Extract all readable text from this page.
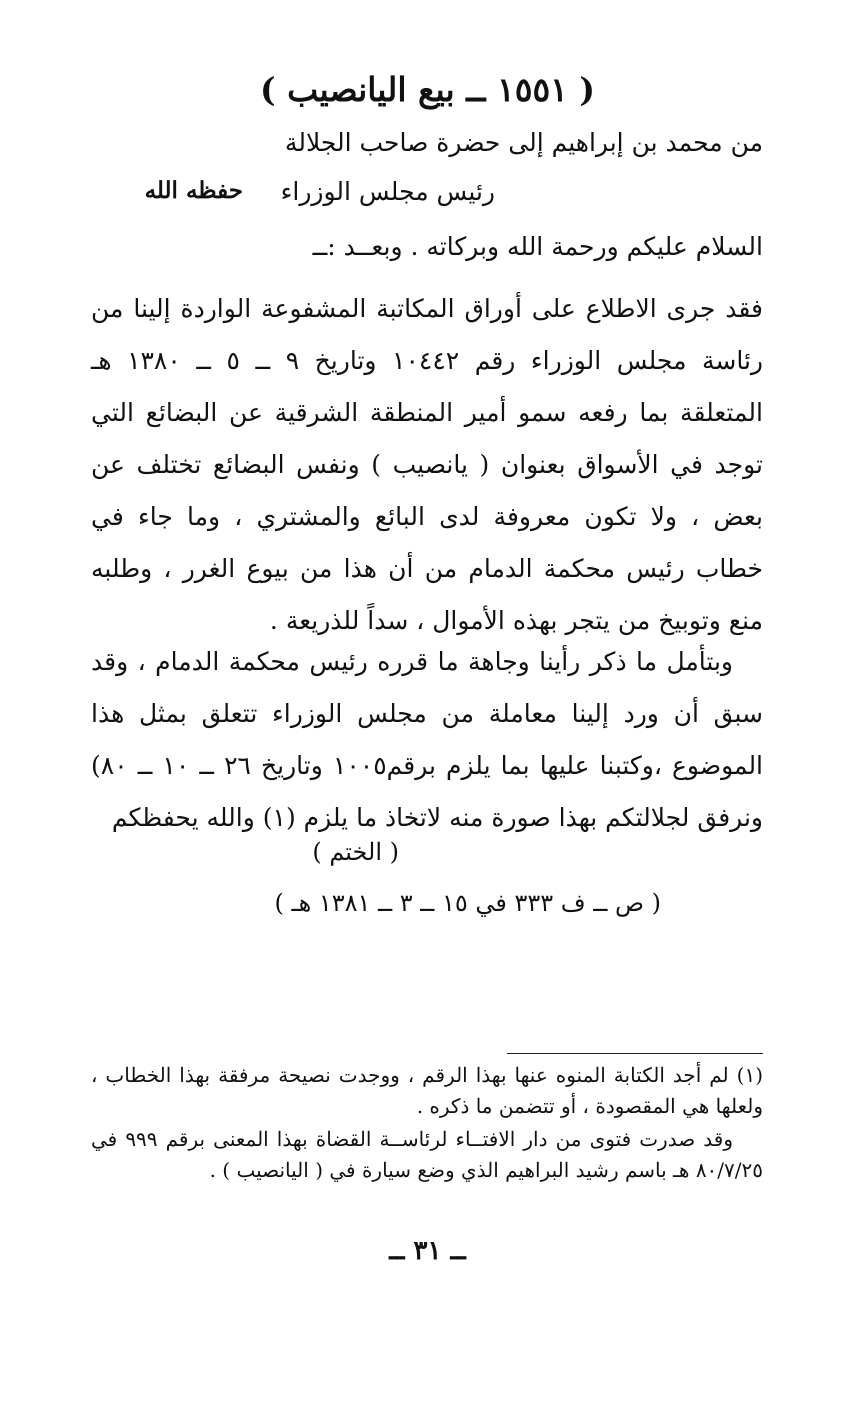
( ١٥٥١ ــ بيع اليانصيب )
من محمد بن إبراهيم إلى حضرة صاحب الجلالة
رئيس مجلس الوزراء
حفظه الله
السلام عليكم ورحمة الله وبركاته . وبعــد :ــ

فقد جرى الاطلاع على أوراق المكاتبة المشفوعة الواردة إلينا من رئاسة مجلس الوزراء رقم ١٠٤٤٢ وتاريخ ٩ ــ ٥ ــ ١٣٨٠ هـ المتعلقة بما رفعه سمو أمير المنطقة الشرقية عن البضائع التي توجد في الأسواق بعنوان ( يانصيب ) ونفس البضائع تختلف عن بعض ، ولا تكون معروفة لدى البائع والمشتري ، وما جاء في خطاب رئيس محكمة الدمام من أن هذا من بيوع الغرر ، وطلبه منع وتوبيخ من يتجر بهذه الأموال ، سداً للذريعة .

وبتأمل ما ذكر رأينا وجاهة ما قرره رئيس محكمة الدمام ، وقد سبق أن ورد إلينا معاملة من مجلس الوزراء تتعلق بمثل هذا الموضوع ،وكتبنا عليها بما يلزم برقم١٠٠٥ وتاريخ ٢٦ ــ ١٠ ــ ٨٠) ونرفق لجلالتكم بهذا صورة منه لاتخاذ ما يلزم (١) والله يحفظكم

( الختم )
( ص ــ ف ٣٣٣ في ١٥ ــ ٣ ــ ١٣٨١ هـ )

(١) لم أجد الكتابة المنوه عنها بهذا الرقم ، ووجدت نصيحة مرفقة بهذا الخطاب ، ولعلها هي المقصودة ، أو تتضمن ما ذكره .

وقد صدرت فتوى من دار الافتــاء لرئاســة القضاة بهذا المعنى برقم ٩٩٩ في ٨٠/٧/٢٥ هـ باسم رشيد البراهيم الذي وضع سيارة في ( اليانصيب ) .

ــ ٣١ ــ
